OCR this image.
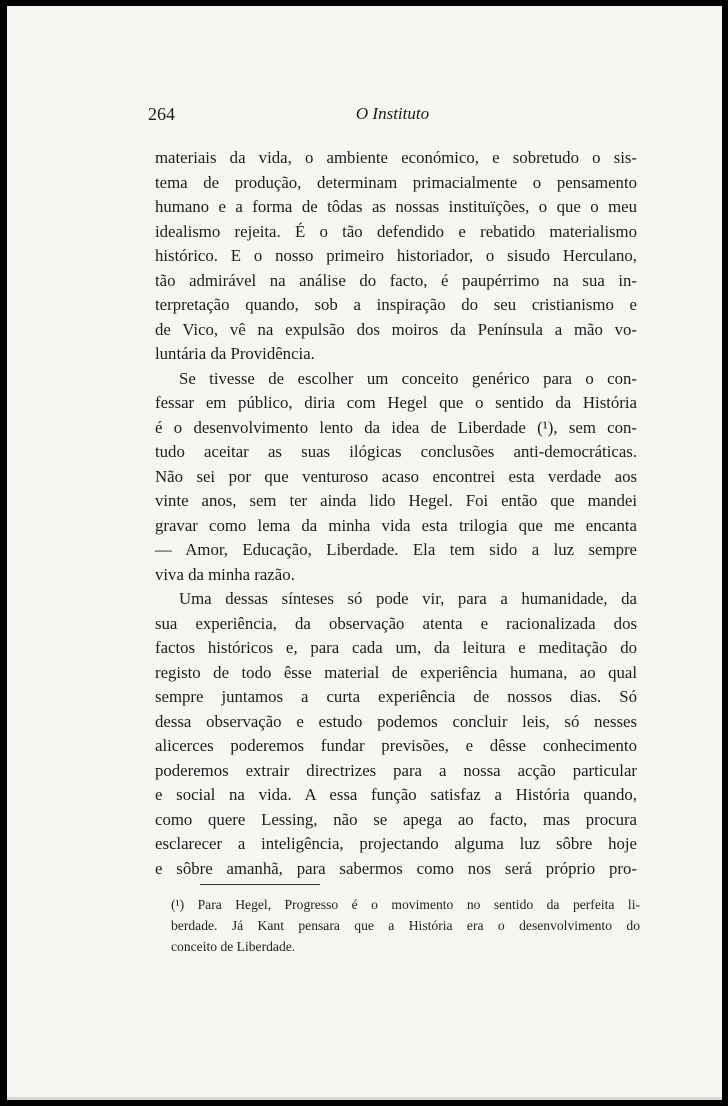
264	O Instituto
materiais da vida, o ambiente económico, e sobretudo o sis-
tema de produção, determinam primacialmente o pensamento
humano e a forma de tôdas as nossas instituïções, o que o meu
idealismo rejeita. É o tão defendido e rebatido materialismo
histórico. E o nosso primeiro historiador, o sisudo Herculano,
tão admirável na análise do facto, é paupérrimo na sua in-
terpretação quando, sob a inspiração do seu cristianismo e
de Vico, vê na expulsão dos moiros da Península a mão vo-
luntária da Providência.
Se tivesse de escolher um conceito genérico para o con-
fessar em público, diria com Hegel que o sentido da História
é o desenvolvimento lento da idea de Liberdade (¹), sem con-
tudo aceitar as suas ilógicas conclusões anti-democráticas.
Não sei por que venturoso acaso encontrei esta verdade aos
vinte anos, sem ter ainda lido Hegel. Foi então que mandei
gravar como lema da minha vida esta trilogia que me encanta
— Amor, Educação, Liberdade. Ela tem sido a luz sempre
viva da minha razão.
Uma dessas sínteses só pode vir, para a humanidade, da
sua experiência, da observação atenta e racionalizada dos
factos históricos e, para cada um, da leitura e meditação do
registo de todo êsse material de experiência humana, ao qual
sempre juntamos a curta experiência de nossos dias. Só
dessa observação e estudo podemos concluir leis, só nesses
alicerces poderemos fundar previsões, e dêsse conhecimento
poderemos extrair directrizes para a nossa acção particular
e social na vida. A essa função satisfaz a História quando,
como quere Lessing, não se apega ao facto, mas procura
esclarecer a inteligência, projectando alguma luz sôbre hoje
e sôbre amanhã, para sabermos como nos será próprio pro-
(¹) Para Hegel, Progresso é o movimento no sentido da perfeita li-
berdade. Já Kant pensara que a História era o desenvolvimento do
conceito de Liberdade.
